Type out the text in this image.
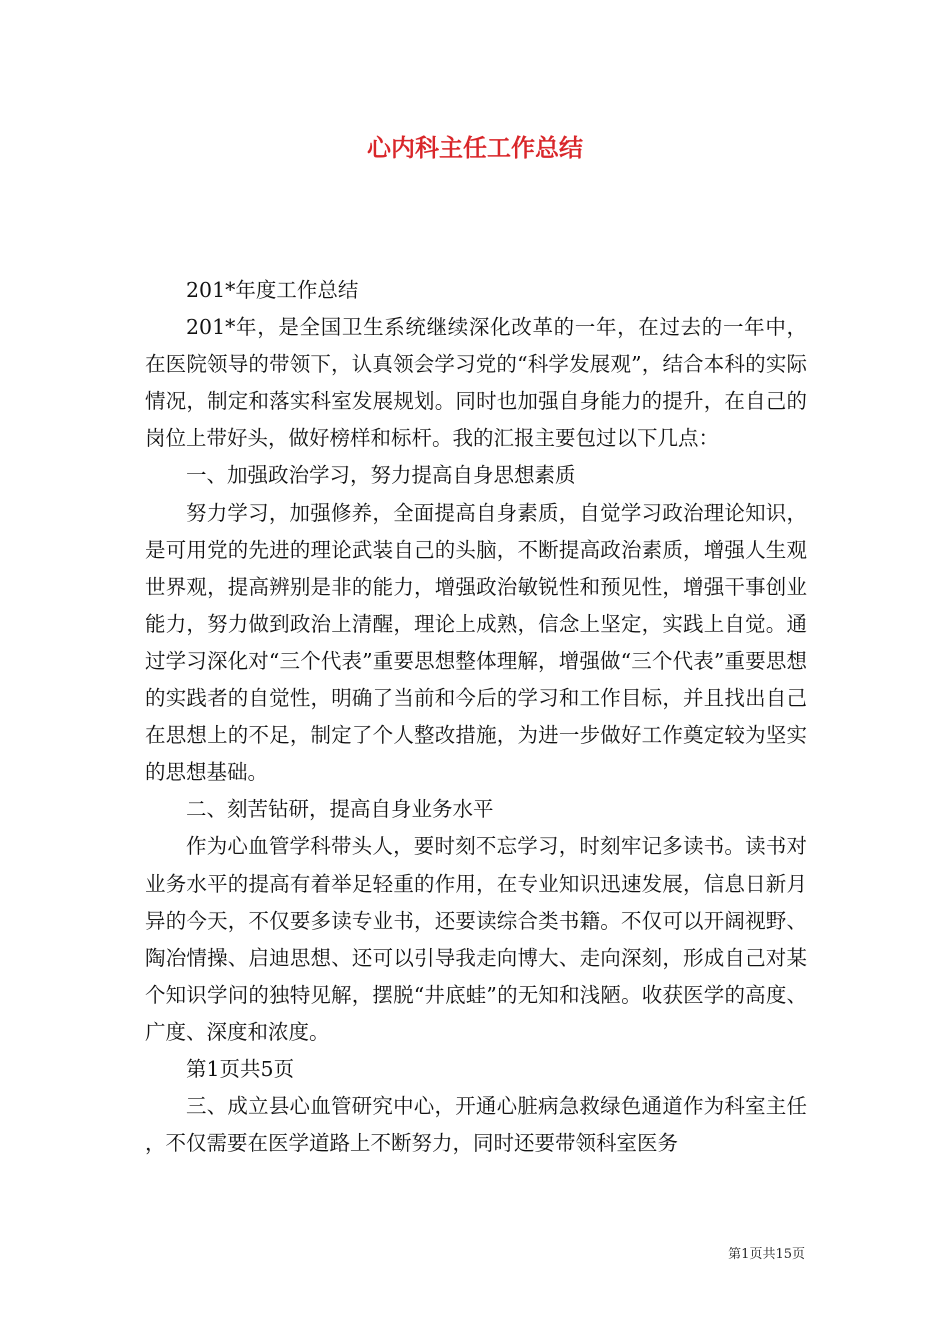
心内科主任工作总结

201*年度工作总结

201*年，是全国卫生系统继续深化改革的一年，在过去的一年中，在医院领导的带领下，认真领会学习党的“科学发展观”，结合本科的实际情况，制定和落实科室发展规划。同时也加强自身能力的提升，在自己的岗位上带好头，做好榜样和标杆。我的汇报主要包过以下几点：

一、加强政治学习，努力提高自身思想素质

努力学习，加强修养，全面提高自身素质，自觉学习政治理论知识，是可用党的先进的理论武装自己的头脑，不断提高政治素质，增强人生观世界观，提高辨别是非的能力，增强政治敏锐性和预见性，增强干事创业能力，努力做到政治上清醒，理论上成熟，信念上坚定，实践上自觉。通过学习深化对“三个代表”重要思想整体理解，增强做“三个代表”重要思想的实践者的自觉性，明确了当前和今后的学习和工作目标，并且找出自己在思想上的不足，制定了个人整改措施，为进一步做好工作奠定较为坚实的思想基础。

二、刻苦钻研，提高自身业务水平

作为心血管学科带头人，要时刻不忘学习，时刻牢记多读书。读书对业务水平的提高有着举足轻重的作用，在专业知识迅速发展，信息日新月异的今天，不仅要多读专业书，还要读综合类书籍。不仅可以开阔视野、陶冶情操、启迪思想、还可以引导我走向博大、走向深刻，形成自己对某个知识学问的独特见解，摆脱“井底蛙”的无知和浅陋。收获医学的高度、广度、深度和浓度。

第1页共5页

三、成立县心血管研究中心，开通心脏病急救绿色通道作为科室主任，不仅需要在医学道路上不断努力，同时还要带领科室医务

第1页共15页
